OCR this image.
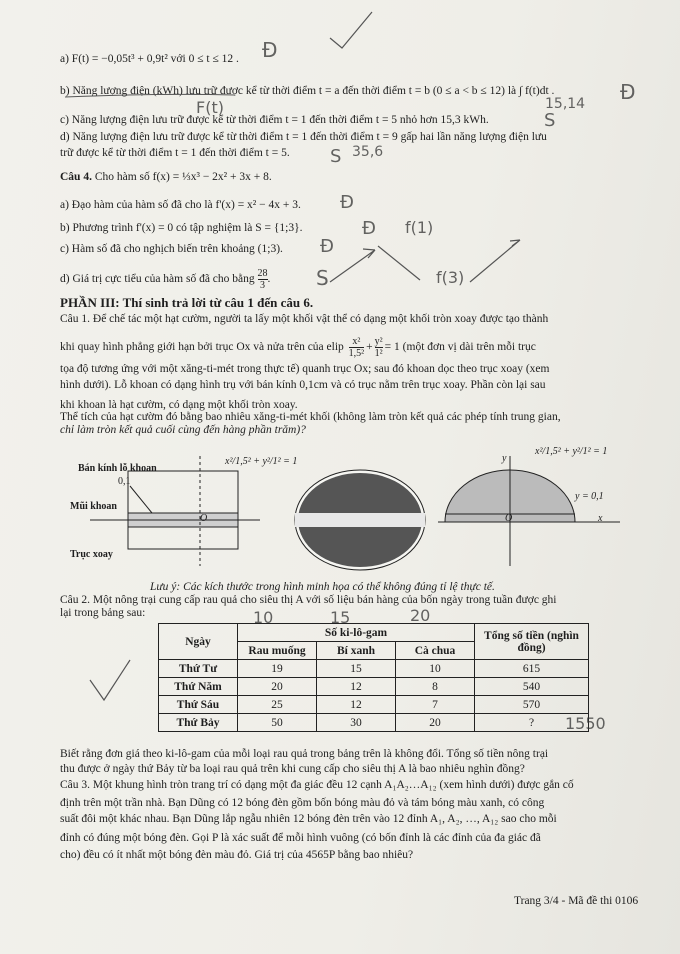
a) F(t) = −0,05t³ + 0,9t² với 0 ≤ t ≤ 12 .
b) Năng lượng điện (kWh) lưu trữ được kể từ thời điểm t = a đến thời điểm t = b (0 ≤ a < b ≤ 12) là ∫ f(t)dt .
c) Năng lượng điện lưu trữ được kể từ thời điểm t = 1 đến thời điểm t = 5 nhỏ hơn 15,3 kWh.
d) Năng lượng điện lưu trữ được kể từ thời điểm t = 1 đến thời điểm t = 9 gấp hai lần năng lượng điện lưu
trữ được kể từ thời điểm t = 1 đến thời điểm t = 5.
Câu 4. Cho hàm số f(x) = ⅓x³ − 2x² + 3x + 8.
a) Đạo hàm của hàm số đã cho là f'(x) = x² − 4x + 3.
b) Phương trình f'(x) = 0 có tập nghiệm là S = {1;3}.
c) Hàm số đã cho nghịch biến trên khoảng (1;3).
d) Giá trị cực tiểu của hàm số đã cho bằng $\frac{28}{3}$ .
PHẦN III: Thí sinh trả lời từ câu 1 đến câu 6.
Câu 1. Để chế tác một hạt cườm, người ta lấy một khối vật thể có dạng một khối tròn xoay được tạo thành
khi quay hình phẳng giới hạn bởi trục Ox và nửa trên của elip $\frac{\text{x²}}{\text{1,5²}} + \frac{\text{y²}}{\text{1²}} = 1$ (một đơn vị dài trên mỗi trục
tọa độ tương ứng với một xăng-ti-mét trong thực tế) quanh trục Ox; sau đó khoan dọc theo trục xoay (xem
hình dưới). Lỗ khoan có dạng hình trụ với bán kính 0,1cm và có trục nằm trên trục xoay. Phần còn lại sau
khi khoan là hạt cườm, có dạng một khối tròn xoay.
Thể tích của hạt cườm đó bằng bao nhiêu xăng-ti-mét khối (không làm tròn kết quả các phép tính trung gian,
chỉ làm tròn kết quả cuối cùng đến hàng phần trăm)?
Bán kính lỗ khoan
0,1
Mũi khoan
Trục xoay
x²/1,5² + y²/1² = 1
x²/1,5² + y²/1² = 1
y = 0,1
y
O	x
O
Lưu ý: Các kích thước trong hình minh họa có thể không đúng tỉ lệ thực tế.
Câu 2. Một nông trại cung cấp rau quả cho siêu thị A với số liệu bán hàng của bốn ngày trong tuần được ghi
lại trong bảng sau:
Ngày	Số ki-lô-gam			Tổng số tiền (nghìn đồng)
	Rau muống	Bí xanh	Cà chua	
Thứ Tư	19	15	10	615
Thứ Năm	20	12	8	540
Thứ Sáu	25	12	7	570
Thứ Bảy	50	30	20	?
Biết rằng đơn giá theo ki-lô-gam của mỗi loại rau quả trong bảng trên là không đổi. Tổng số tiền nông trại
thu được ở ngày thứ Bảy từ ba loại rau quả trên khi cung cấp cho siêu thị A là bao nhiêu nghìn đồng?
Câu 3. Một khung hình tròn trang trí có dạng một đa giác đều 12 cạnh A₁A₂…A₁₂ (xem hình dưới) được gắn cố
định trên một trần nhà. Bạn Dũng có 12 bóng đèn gồm bốn bóng màu đỏ và tám bóng màu xanh, có công
suất đôi một khác nhau. Bạn Dũng lắp ngẫu nhiên 12 bóng đèn trên vào 12 đỉnh A₁, A₂, …, A₁₂ sao cho mỗi
đỉnh có đúng một bóng đèn. Gọi P là xác suất để mỗi hình vuông (có bốn đỉnh là các đỉnh của đa giác đã
cho) đều có ít nhất một bóng đèn màu đỏ. Giá trị của 4565P bằng bao nhiêu?
Trang 3/4 - Mã đề thi 0106
Đ
Đ
F(t)	15,14
S
35,6
S
Đ
Đ f(1)
Đ
S	f(3)
10	15	20
1550
